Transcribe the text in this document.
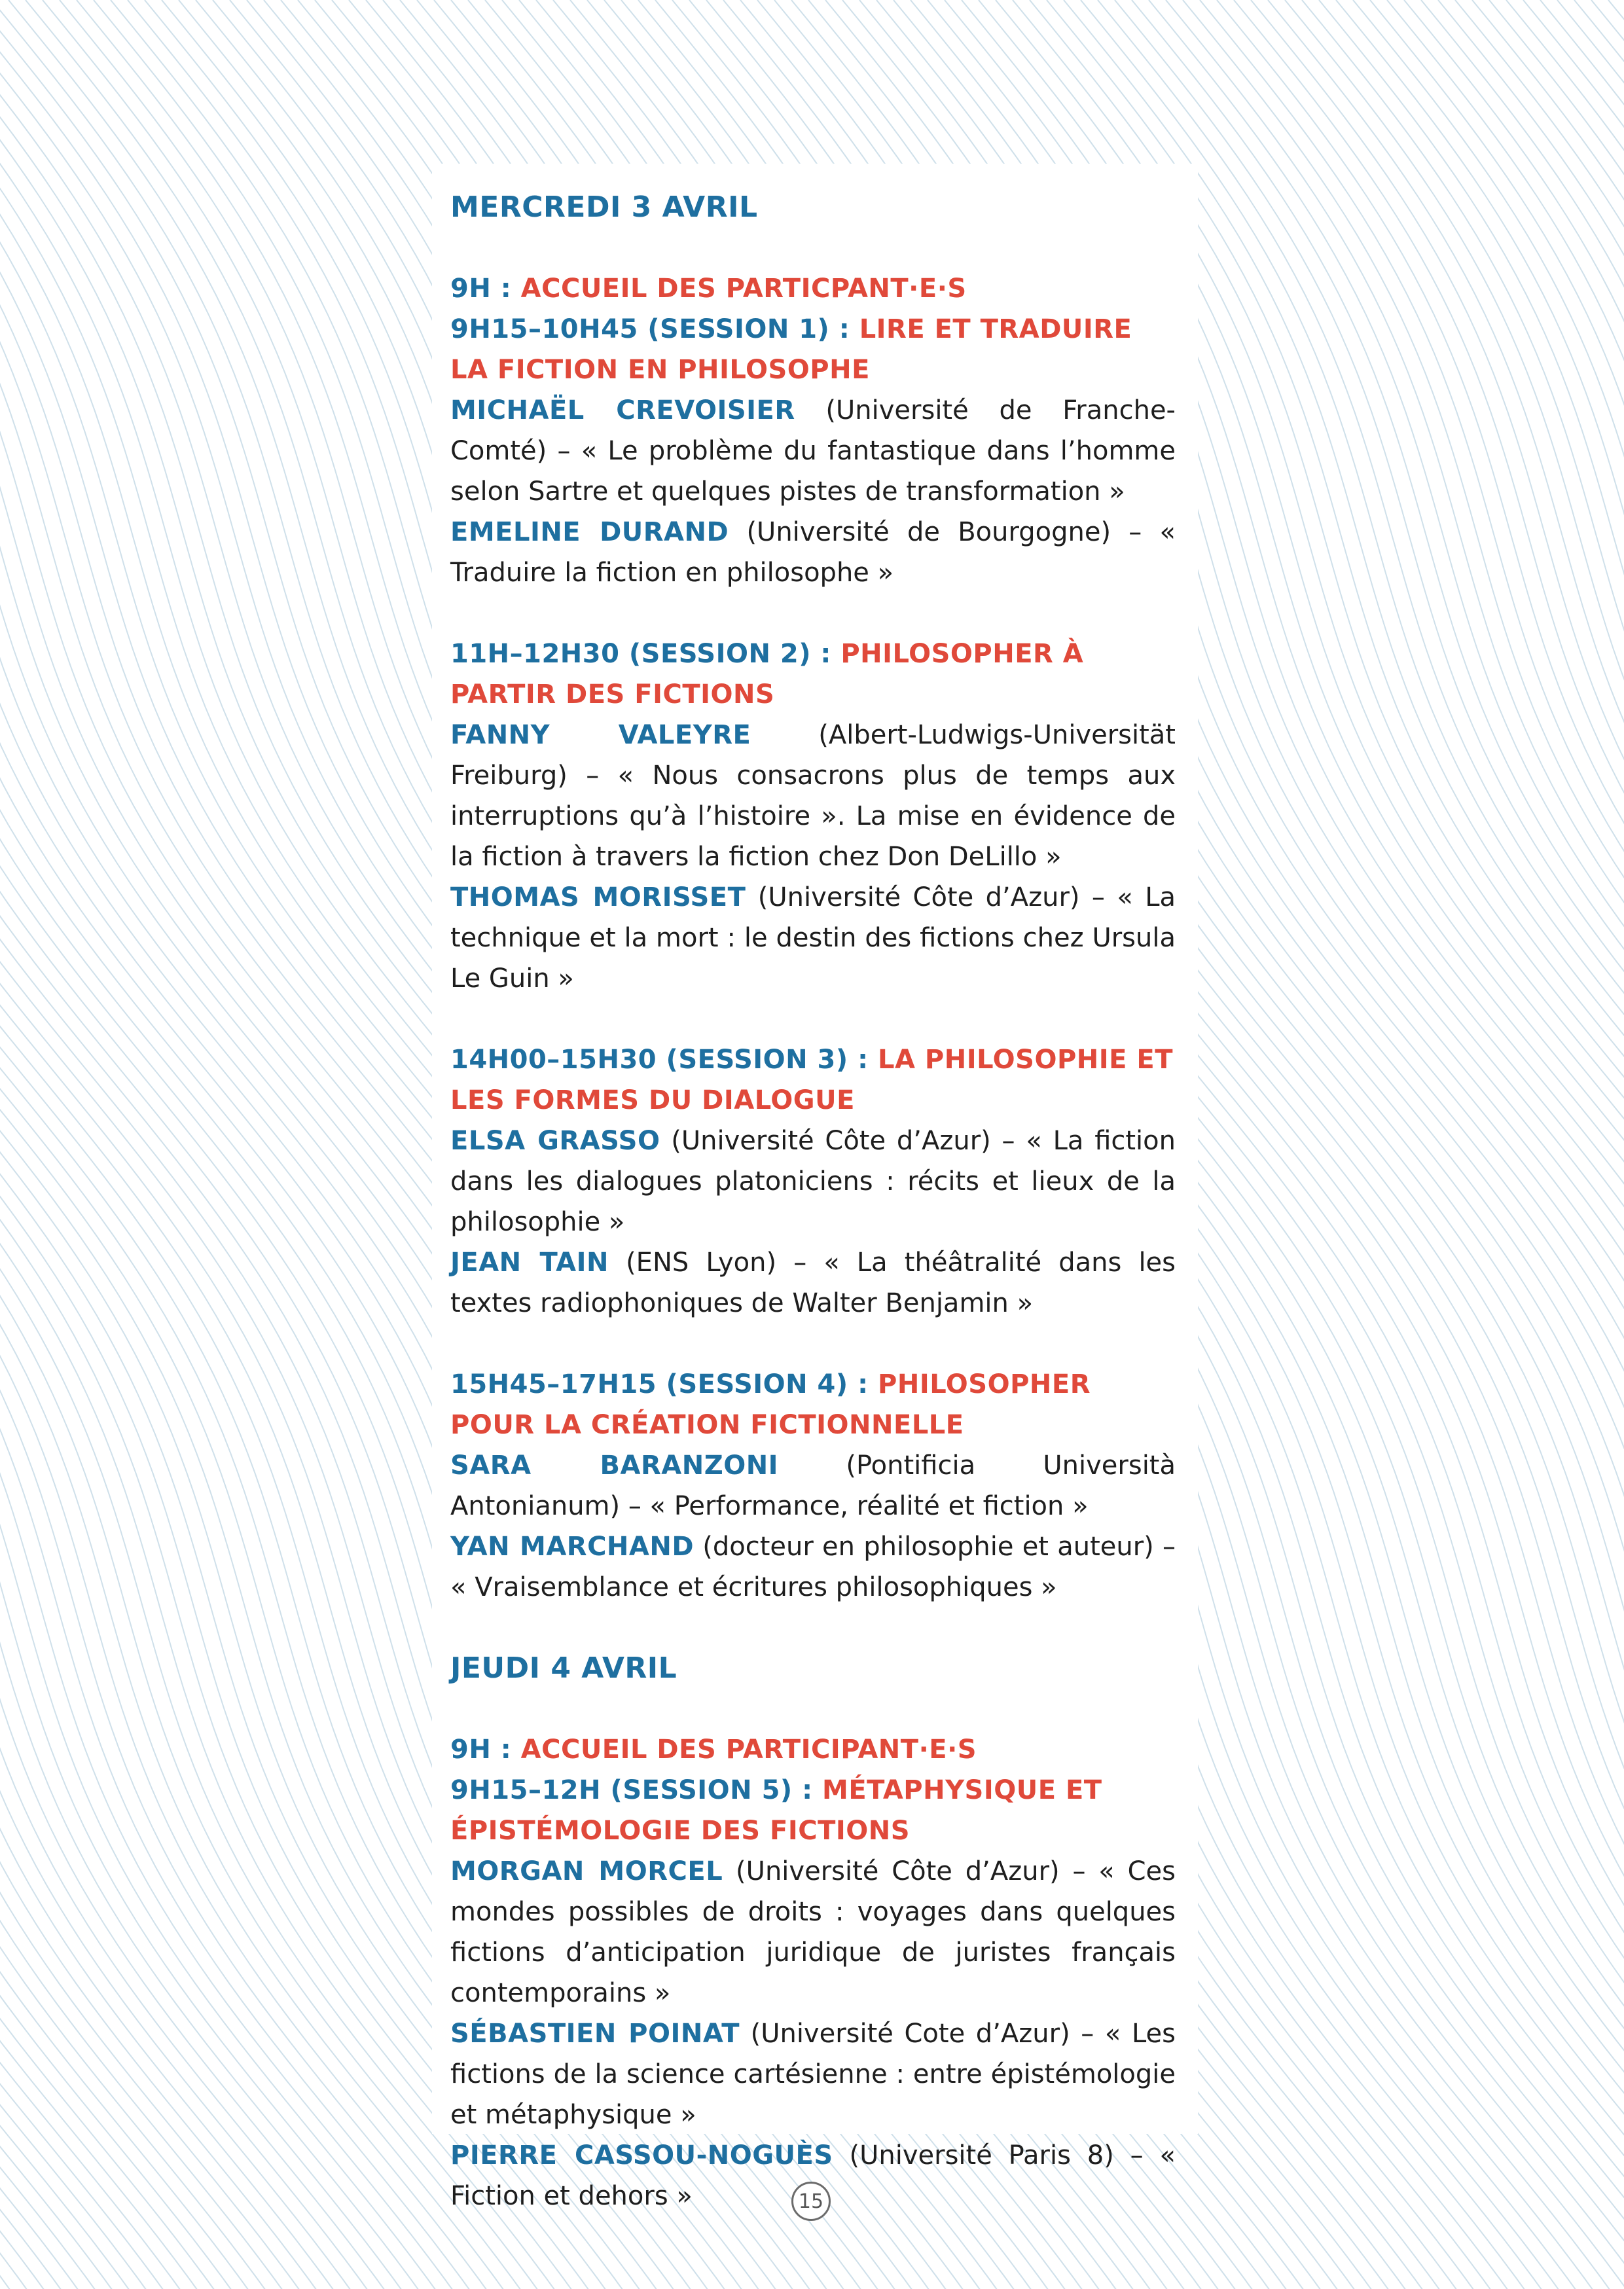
MERCREDI 3 AVRIL

9H : ACCUEIL DES PARTICPANT·E·S

9H15–10H45 (SESSION 1) : LIRE ET TRADUIRE LA FICTION EN PHILOSOPHE

MICHAËL CREVOISIER (Université de Franche-Comté) – « Le problème du fantastique dans l’homme selon Sartre et quelques pistes de transformation »

EMELINE DURAND (Université de Bourgogne) – « Traduire la fiction en philosophe »

11H–12H30 (SESSION 2) : PHILOSOPHER À PARTIR DES FICTIONS

FANNY VALEYRE (Albert-Ludwigs-Universität Freiburg) – « Nous consacrons plus de temps aux interruptions qu’à l’histoire ». La mise en évidence de la fiction à travers la fiction chez Don DeLillo »

THOMAS MORISSET (Université Côte d’Azur) – « La technique et la mort : le destin des fictions chez Ursula Le Guin »

14H00–15H30 (SESSION 3) : LA PHILOSOPHIE ET LES FORMES DU DIALOGUE

ELSA GRASSO (Université Côte d’Azur) – « La fiction dans les dialogues platoniciens : récits et lieux de la philosophie »

JEAN TAIN (ENS Lyon) – « La théâtralité dans les textes radiophoniques de Walter Benjamin »

15H45–17H15 (SESSION 4) : PHILOSOPHER POUR LA CRÉATION FICTIONNELLE

SARA BARANZONI (Pontificia Università Antonianum) – « Performance, réalité et fiction »

YAN MARCHAND (docteur en philosophie et auteur) – « Vraisemblance et écritures philosophiques »

JEUDI 4 AVRIL

9H : ACCUEIL DES PARTICIPANT·E·S

9H15–12H (SESSION 5) : MÉTAPHYSIQUE ET ÉPISTÉMOLOGIE DES FICTIONS

MORGAN MORCEL (Université Côte d’Azur) – « Ces mondes possibles de droits : voyages dans quelques fictions d’anticipation juridique de juristes français contemporains »

SÉBASTIEN POINAT (Université Cote d’Azur) – « Les fictions de la science cartésienne : entre épistémologie et métaphysique »

PIERRE CASSOU-NOGUÈS (Université Paris 8) – « Fiction et dehors »	15
